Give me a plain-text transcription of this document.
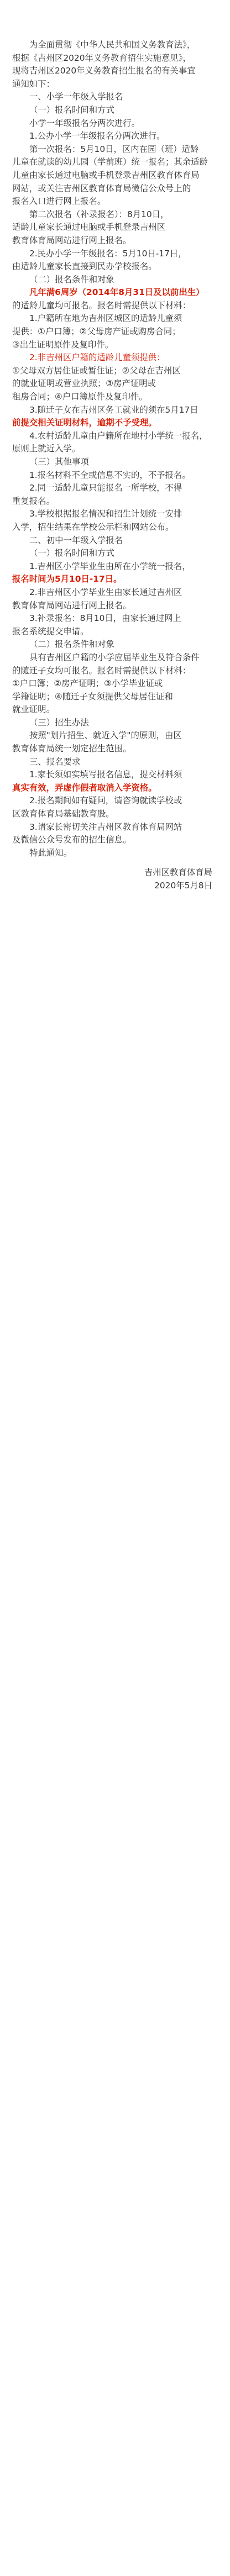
为全面贯彻《中华人民共和国义务教育法》，
根据《吉州区2020年义务教育招生实施意见》，
现将吉州区2020年义务教育招生报名的有关事宜
通知如下：
一、小学一年级入学报名
（一）报名时间和方式
小学一年级报名分两次进行。
1.公办小学一年级报名分两次进行。
第一次报名：5月10日，区内在园（班）适龄
儿童在就读的幼儿园（学前班）统一报名；其余适龄
儿童由家长通过电脑或手机登录吉州区教育体育局
网站，或关注吉州区教育体育局微信公众号上的
报名入口进行网上报名。
第二次报名（补录报名）：8月10日，
适龄儿童家长通过电脑或手机登录吉州区
教育体育局网站进行网上报名。
2.民办小学一年级报名：5月10日-17日，
由适龄儿童家长直接到民办学校报名。
（二）报名条件和对象
凡年满6周岁（2014年8月31日及以前出生）
的适龄儿童均可报名。报名时需提供以下材料：
1.户籍所在地为吉州区城区的适龄儿童须
提供：①户口簿；②父母房产证或购房合同；
③出生证明原件及复印件。
2.非吉州区户籍的适龄儿童须提供：
①父母双方居住证或暂住证；②父母在吉州区
的就业证明或营业执照；③房产证明或
租房合同；④户口簿原件及复印件。
3.随迁子女在吉州区务工就业的须在5月17日
前提交相关证明材料，逾期不予受理。
4.农村适龄儿童由户籍所在地村小学统一报名，
原则上就近入学。
（三）其他事项
1.报名材料不全或信息不实的，不予报名。
2.同一适龄儿童只能报名一所学校，不得
重复报名。
3.学校根据报名情况和招生计划统一安排
入学，招生结果在学校公示栏和网站公布。
二、初中一年级入学报名
（一）报名时间和方式
1.吉州区小学毕业生由所在小学统一报名，
报名时间为5月10日-17日。
2.非吉州区小学毕业生由家长通过吉州区
教育体育局网站进行网上报名。
3.补录报名：8月10日，由家长通过网上
报名系统提交申请。
（二）报名条件和对象
具有吉州区户籍的小学应届毕业生及符合条件
的随迁子女均可报名。报名时需提供以下材料：
①户口簿；②房产证明；③小学毕业证或
学籍证明；④随迁子女须提供父母居住证和
就业证明。
（三）招生办法
按照"划片招生、就近入学"的原则，由区
教育体育局统一划定招生范围。
三、报名要求
1.家长须如实填写报名信息，提交材料须
真实有效，弄虚作假者取消入学资格。
2.报名期间如有疑问，请咨询就读学校或
区教育体育局基础教育股。
3.请家长密切关注吉州区教育体育局网站
及微信公众号发布的招生信息。
特此通知。
吉州区教育体育局
2020年5月8日
